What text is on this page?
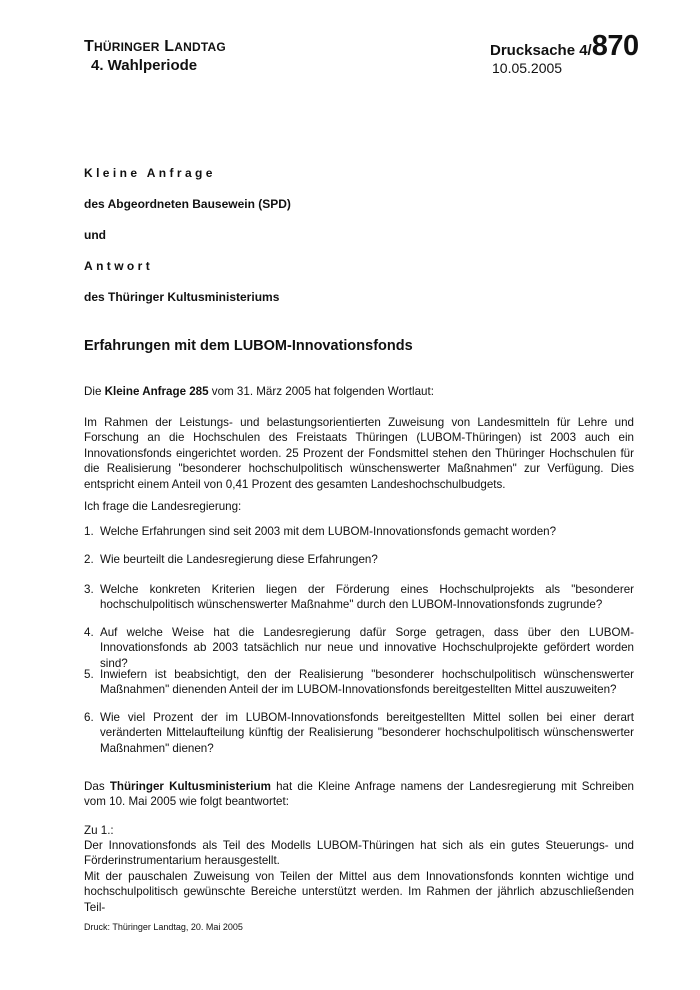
THÜRINGER LANDTAG
4. Wahlperiode
Drucksache 4/870
10.05.2005
Kleine Anfrage
des Abgeordneten Bausewein (SPD)
und
Antwort
des Thüringer Kultusministeriums
Erfahrungen mit dem LUBOM-Innovationsfonds
Die Kleine Anfrage 285 vom 31. März 2005 hat folgenden Wortlaut:
Im Rahmen der Leistungs- und belastungsorientierten Zuweisung von Landesmitteln für Lehre und Forschung an die Hochschulen des Freistaats Thüringen (LUBOM-Thüringen) ist 2003 auch ein Innovationsfonds eingerichtet worden. 25 Prozent der Fondsmittel stehen den Thüringer Hochschulen für die Realisierung "besonderer hochschulpolitisch wünschenswerter Maßnahmen" zur Verfügung. Dies entspricht einem Anteil von 0,41 Prozent des gesamten Landeshochschulbudgets.
Ich frage die Landesregierung:
1. Welche Erfahrungen sind seit 2003 mit dem LUBOM-Innovationsfonds gemacht worden?
2. Wie beurteilt die Landesregierung diese Erfahrungen?
3. Welche konkreten Kriterien liegen der Förderung eines Hochschulprojekts als "besonderer hochschulpolitisch wünschenswerter Maßnahme" durch den LUBOM-Innovationsfonds zugrunde?
4. Auf welche Weise hat die Landesregierung dafür Sorge getragen, dass über den LUBOM-Innovationsfonds ab 2003 tatsächlich nur neue und innovative Hochschulprojekte gefördert worden sind?
5. Inwiefern ist beabsichtigt, den der Realisierung "besonderer hochschulpolitisch wünschenswerter Maßnahmen" dienenden Anteil der im LUBOM-Innovationsfonds bereitgestellten Mittel auszuweiten?
6. Wie viel Prozent der im LUBOM-Innovationsfonds bereitgestellten Mittel sollen bei einer derart veränderten Mittelaufteilung künftig der Realisierung "besonderer hochschulpolitisch wünschenswerter Maßnahmen" dienen?
Das Thüringer Kultusministerium hat die Kleine Anfrage namens der Landesregierung mit Schreiben vom 10. Mai 2005 wie folgt beantwortet:
Zu 1.:
Der Innovationsfonds als Teil des Modells LUBOM-Thüringen hat sich als ein gutes Steuerungs- und Förderinstrumentarium herausgestellt.
Mit der pauschalen Zuweisung von Teilen der Mittel aus dem Innovationsfonds konnten wichtige und hochschulpolitisch gewünschte Bereiche unterstützt werden. Im Rahmen der jährlich abzuschließenden Teil-
Druck: Thüringer Landtag, 20. Mai 2005
